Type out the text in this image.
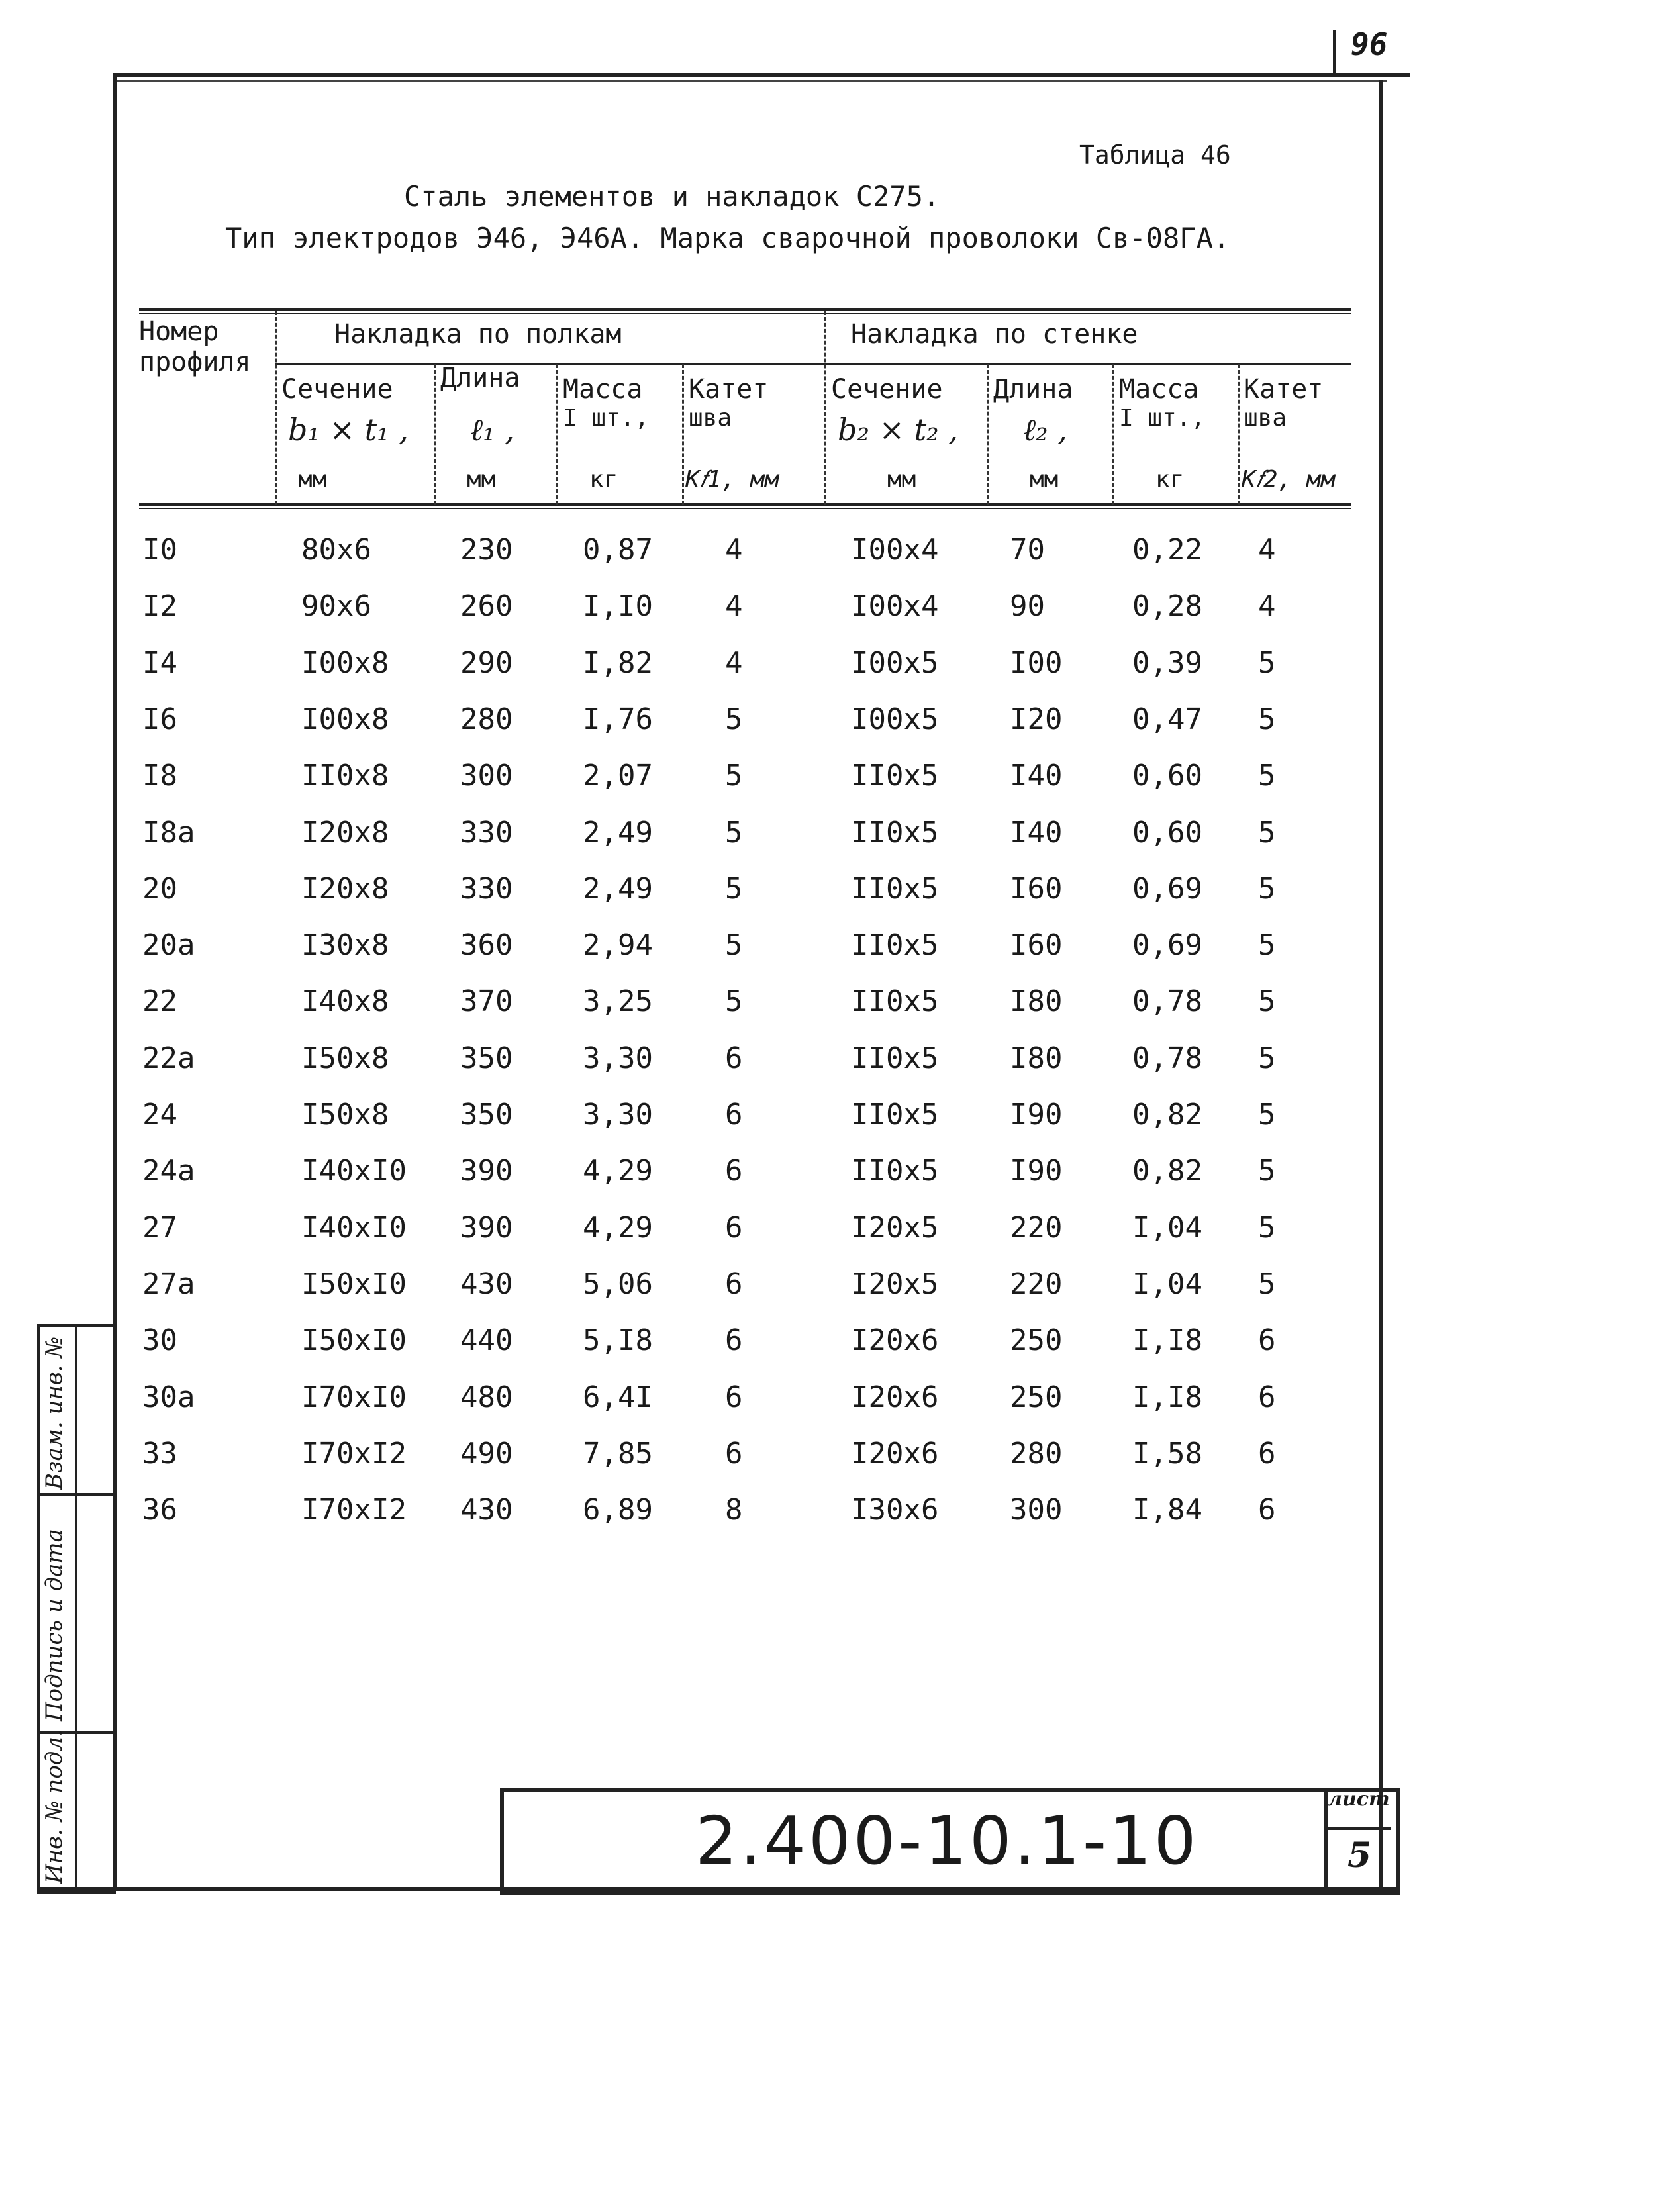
96
Таблица 46
Сталь элементов и накладок С275.
Тип электродов Э46, Э46А. Марка сварочной проволоки Св-08ГА.
Номер профиля
Накладка по полкам	Накладка по стенке
Сечение
b₁ × t₁ ,
мм
Длина
ℓ₁ ,
мм
Масса
I шт.,
кг
Катет
шва
K𝑓1, мм
Сечение
b₂ × t₂ ,
мм
Длина
ℓ₂ ,
мм
Масса
I шт.,
кг
Катет
шва
K𝑓2, мм
I0	80x6	230 0,87 4	I00x4 70	0,22 4
I2	90x6	260 I,I0 4	I00x4 90	0,28 4
I4	I00x8 290 I,82 4	I00x5 I00 0,39 5
I6	I00x8 280 I,76 5	I00x5 I20 0,47 5
I8	II0x8 300 2,07 5	II0x5 I40 0,60 5
I8a	I20x8 330 2,49 5	II0x5 I40 0,60 5
20	I20x8 330 2,49 5	II0x5 I60 0,69 5
20a	I30x8 360 2,94 5	II0x5 I60 0,69 5
22	I40x8 370 3,25 5	II0x5 I80 0,78 5
22a	I50x8 350 3,30 6	II0x5 I80 0,78 5
24	I50x8 350 3,30 6	II0x5 I90 0,82 5
24a	I40xI0 390 4,29 6	II0x5 I90 0,82 5
27	I40xI0 390 4,29 6	I20x5 220 I,04 5
27a	I50xI0 430 5,06 6	I20x5 220 I,04 5
30	I50xI0 440 5,I8 6	I20x6 250 I,I8 6
30a	I70xI0 480 6,4I 6	I20x6 250 I,I8 6
33	I70xI2 490 7,85 6	I20x6 280 I,58 6
36	I70xI2 430 6,89 8	I30x6 300 I,84 6
Взам. инв. №
Подпись и дата
Инв. № подл.	2.400-10.1-10
лист
5
